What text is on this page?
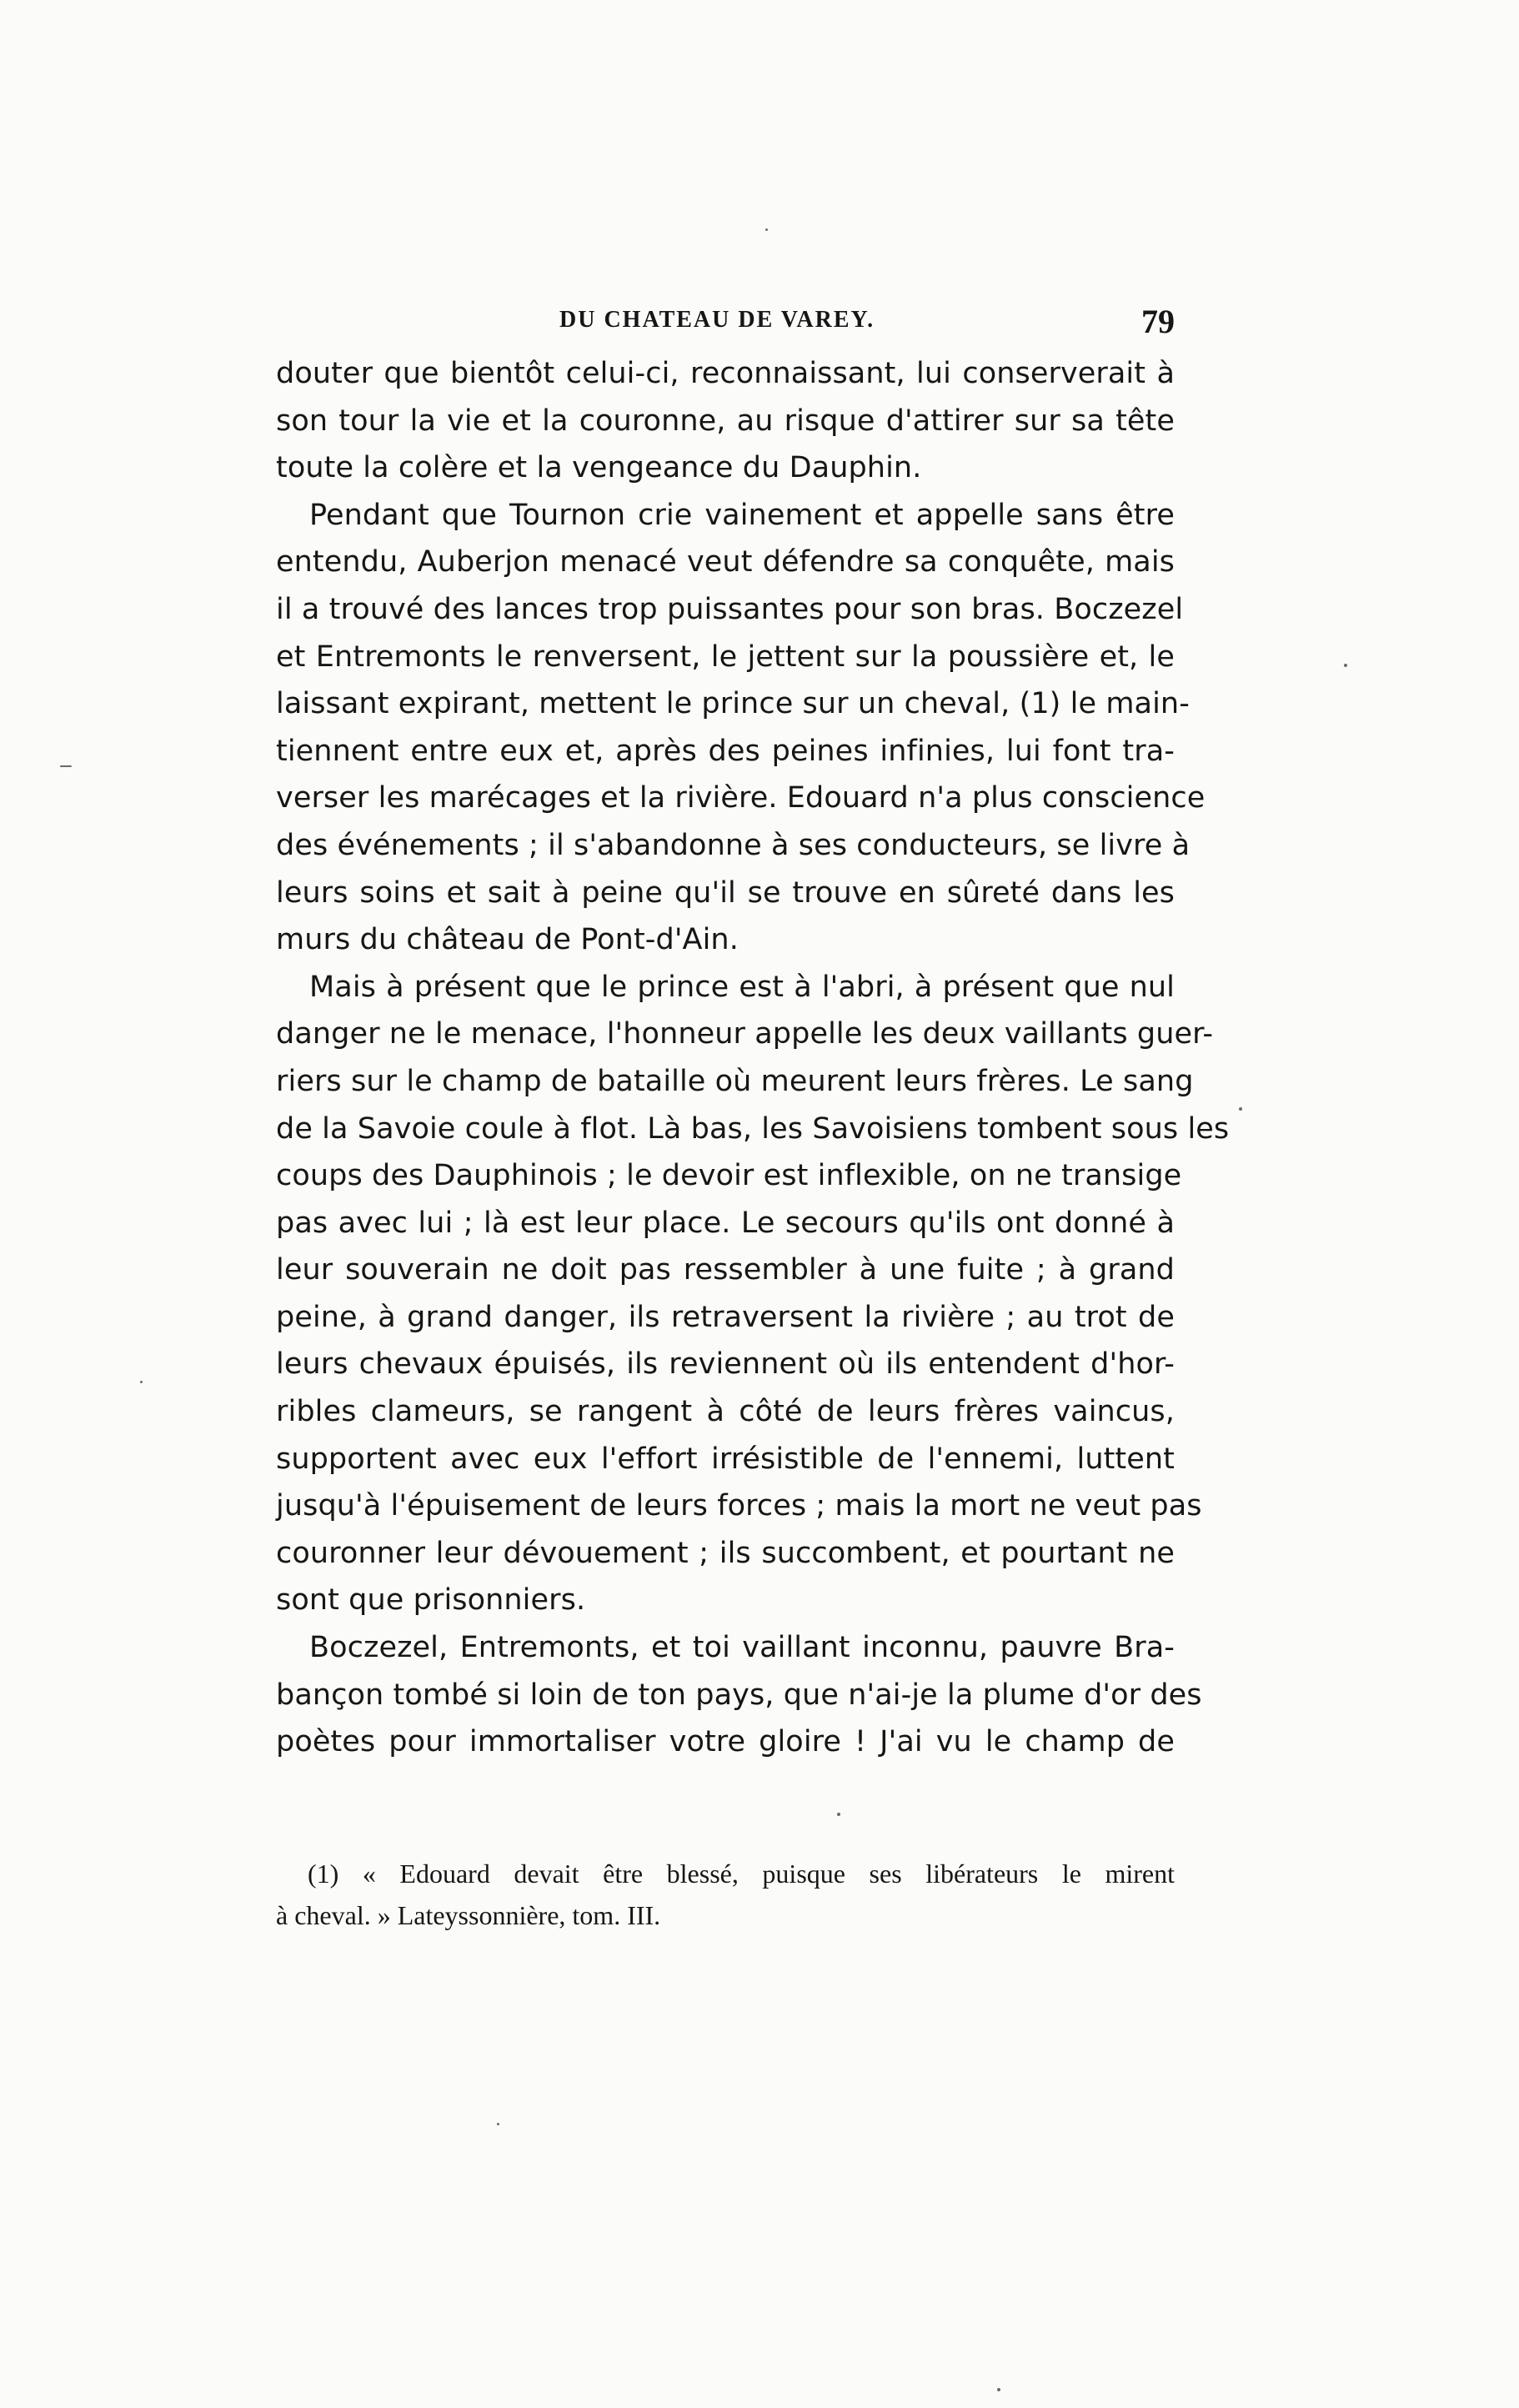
DU CHATEAU DE VAREY.	79

douter que bientôt celui-ci, reconnaissant, lui conserverait à
son tour la vie et la couronne, au risque d'attirer sur sa tête
toute la colère et la vengeance du Dauphin.

Pendant que Tournon crie vainement et appelle sans être
entendu, Auberjon menacé veut défendre sa conquête, mais
il a trouvé des lances trop puissantes pour son bras. Boczezel
et Entremonts le renversent, le jettent sur la poussière et, le
laissant expirant, mettent le prince sur un cheval, (1) le main-
tiennent entre eux et, après des peines infinies, lui font tra-
verser les marécages et la rivière. Edouard n'a plus conscience
des événements ; il s'abandonne à ses conducteurs, se livre à
leurs soins et sait à peine qu'il se trouve en sûreté dans les
murs du château de Pont-d'Ain.

Mais à présent que le prince est à l'abri, à présent que nul
danger ne le menace, l'honneur appelle les deux vaillants guer-
riers sur le champ de bataille où meurent leurs frères. Le sang
de la Savoie coule à flot. Là bas, les Savoisiens tombent sous les
coups des Dauphinois ; le devoir est inflexible, on ne transige
pas avec lui ; là est leur place. Le secours qu'ils ont donné à
leur souverain ne doit pas ressembler à une fuite ; à grand
peine, à grand danger, ils retraversent la rivière ; au trot de
leurs chevaux épuisés, ils reviennent où ils entendent d'hor-
ribles clameurs, se rangent à côté de leurs frères vaincus,
supportent avec eux l'effort irrésistible de l'ennemi, luttent
jusqu'à l'épuisement de leurs forces ; mais la mort ne veut pas
couronner leur dévouement ; ils succombent, et pourtant ne
sont que prisonniers.

Boczezel, Entremonts, et toi vaillant inconnu, pauvre Bra-
bançon tombé si loin de ton pays, que n'ai-je la plume d'or des
poètes pour immortaliser votre gloire ! J'ai vu le champ de

(1) « Edouard devait être blessé, puisque ses libérateurs le mirent
à cheval. » Lateyssonnière, tom. III.
